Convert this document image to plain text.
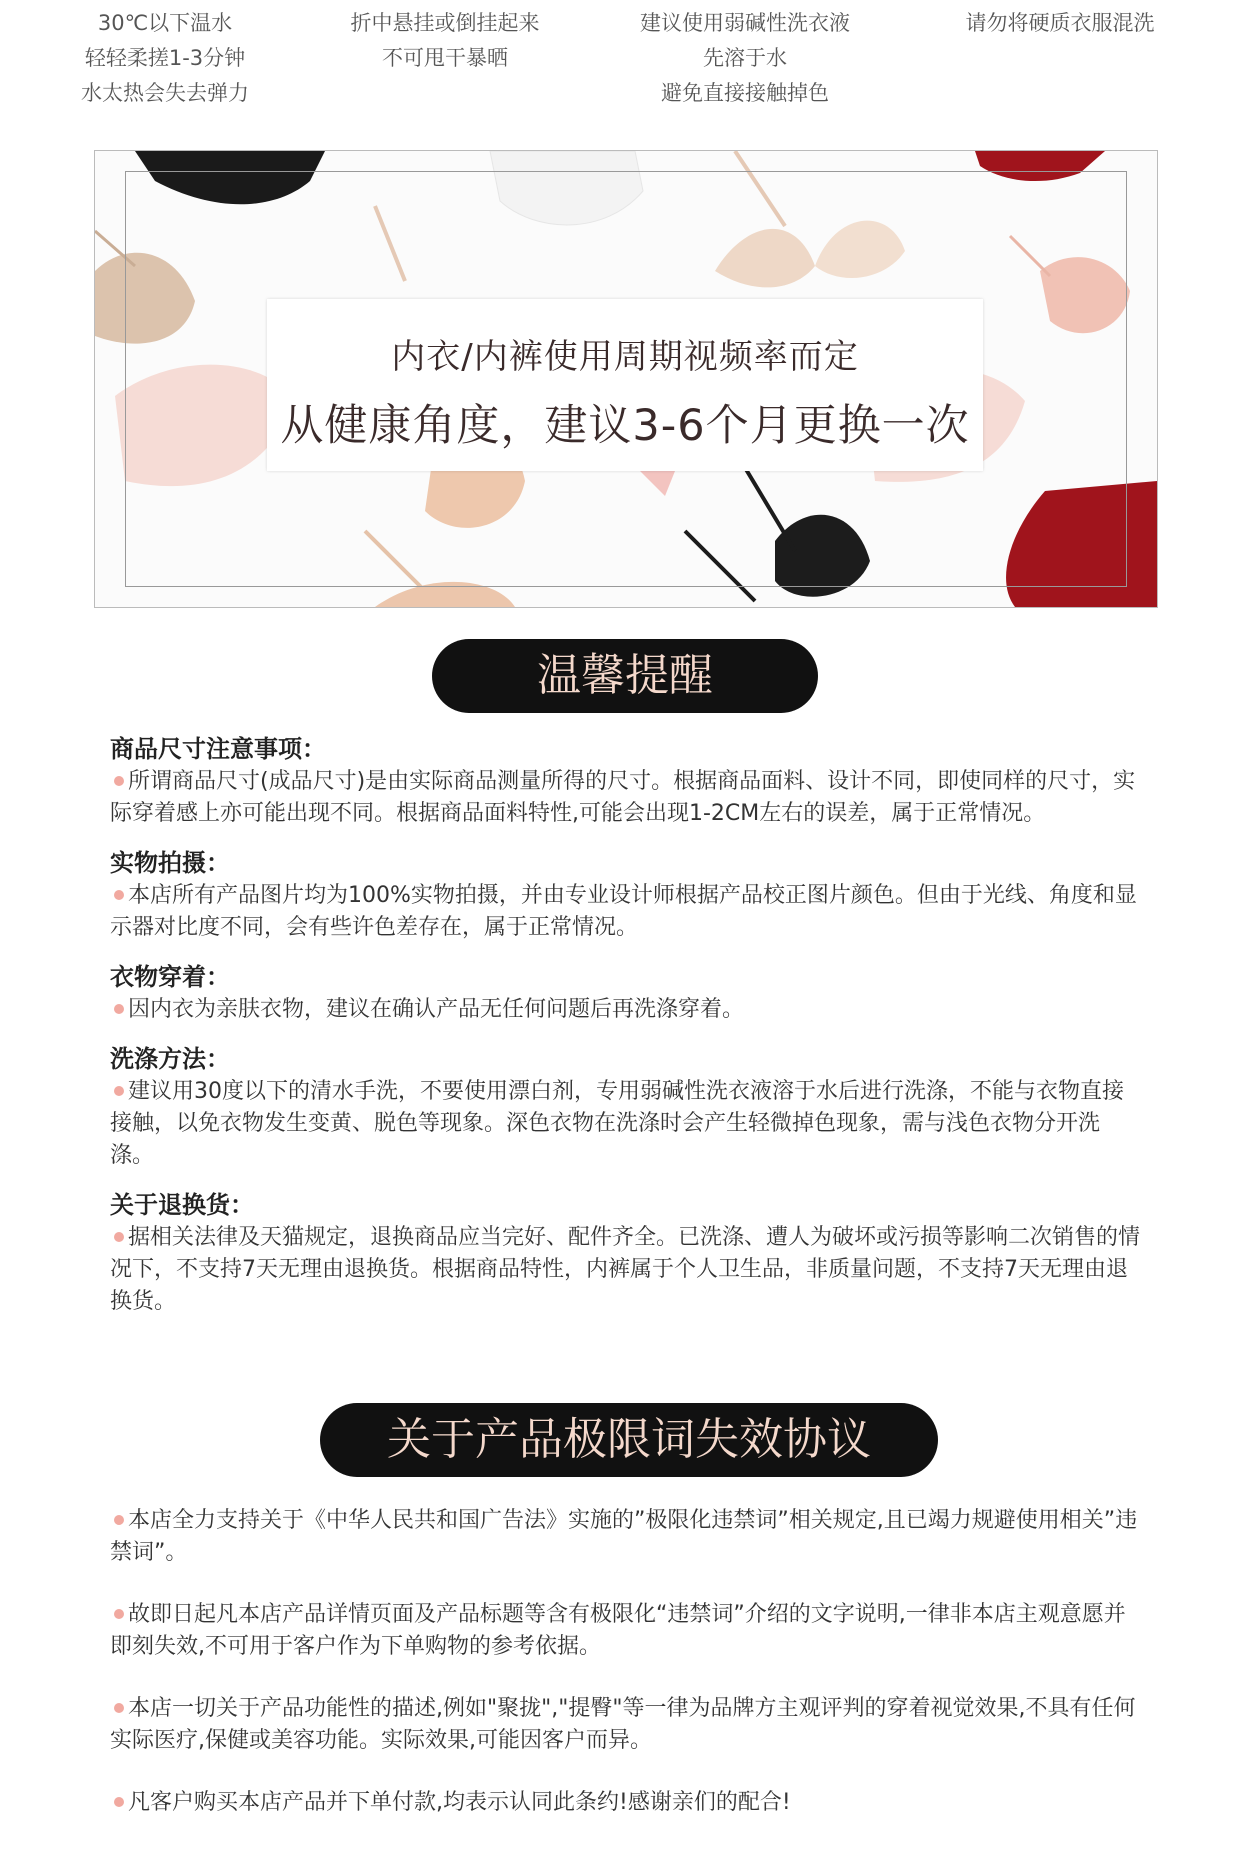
30℃以下温水
轻轻柔搓1-3分钟
水太热会失去弹力
折中悬挂或倒挂起来
不可甩干暴晒
建议使用弱碱性洗衣液
先溶于水
避免直接接触掉色
请勿将硬质衣服混洗
内衣/内裤使用周期视频率而定
从健康角度，建议3-6个月更换一次
温馨提醒
商品尺寸注意事项：
所谓商品尺寸(成品尺寸)是由实际商品测量所得的尺寸。根据商品面料、设计不同，即使同样的尺寸，实际穿着感上亦可能出现不同。根据商品面料特性,可能会出现1-2CM左右的误差，属于正常情况。
实物拍摄：
本店所有产品图片均为100%实物拍摄，并由专业设计师根据产品校正图片颜色。但由于光线、角度和显示器对比度不同，会有些许色差存在，属于正常情况。
衣物穿着：
因内衣为亲肤衣物，建议在确认产品无任何问题后再洗涤穿着。
洗涤方法：
建议用30度以下的清水手洗，不要使用漂白剂，专用弱碱性洗衣液溶于水后进行洗涤，不能与衣物直接接触，以免衣物发生变黄、脱色等现象。深色衣物在洗涤时会产生轻微掉色现象，需与浅色衣物分开洗涤。
关于退换货：
据相关法律及天猫规定，退换商品应当完好、配件齐全。已洗涤、遭人为破坏或污损等影响二次销售的情况下，不支持7天无理由退换货。根据商品特性，内裤属于个人卫生品，非质量问题，不支持7天无理由退换货。
关于产品极限词失效协议
本店全力支持关于《中华人民共和国广告法》实施的”极限化违禁词”相关规定,且已竭力规避使用相关”违禁词”。
故即日起凡本店产品详情页面及产品标题等含有极限化“违禁词”介绍的文字说明,一律非本店主观意愿并即刻失效,不可用于客户作为下单购物的参考依据。
本店一切关于产品功能性的描述,例如"聚拢","提臀"等一律为品牌方主观评判的穿着视觉效果,不具有任何实际医疗,保健或美容功能。实际效果,可能因客户而异。
凡客户购买本店产品并下单付款,均表示认同此条约!感谢亲们的配合!
